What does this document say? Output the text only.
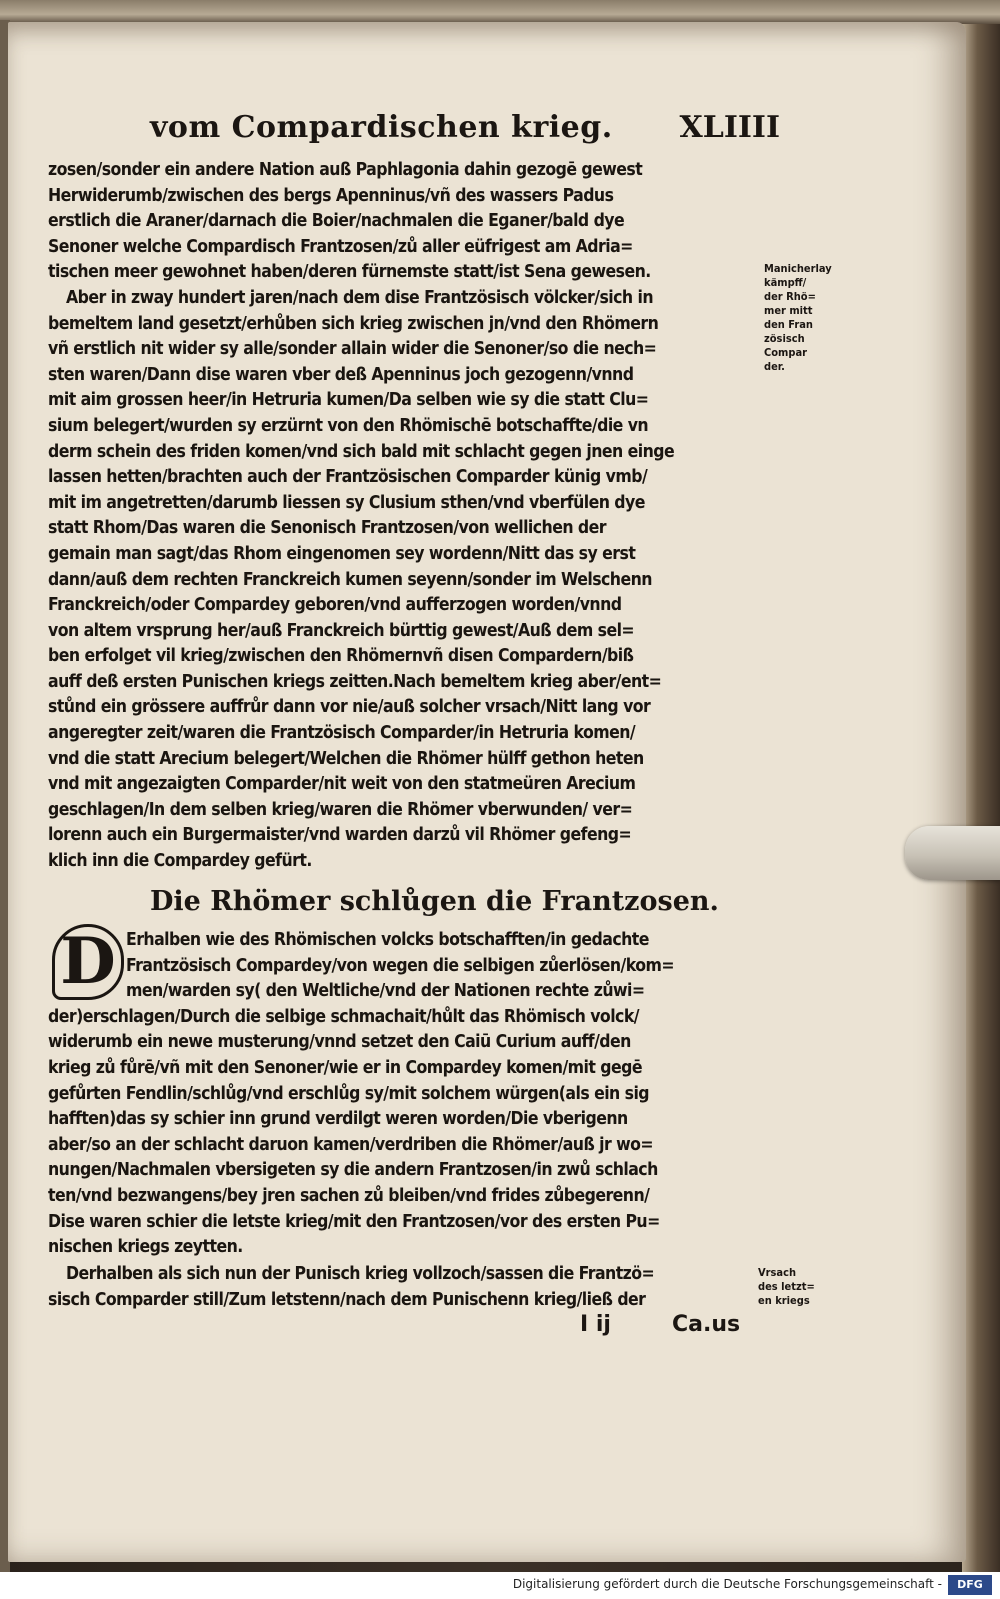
vom Compardischen krieg. XLIIII

zosen/sonder ein andere Nation auß Paphlagonia dahin gezogē gewest

Herwiderumb/zwischen des bergs Apenninus/vñ des wassers Padus

erstlich die Araner/darnach die Boier/nachmalen die Eganer/bald dye

Senoner welche Compardisch Frantzosen/zů aller eüfrigest am Adria=

tischen meer gewohnet haben/deren fürnemste statt/ist Sena gewesen.

Aber in zway hundert jaren/nach dem dise Frantzösisch völcker/sich in

bemeltem land gesetzt/erhůben sich krieg zwischen jn/vnd den Rhömern

vñ erstlich nit wider sy alle/sonder allain wider die Senoner/so die nech=

sten waren/Dann dise waren vber deß Apenninus joch gezogenn/vnnd

mit aim grossen heer/in Hetruria kumen/Da selben wie sy die statt Clu=

sium belegert/wurden sy erzürnt von den Rhömischē botschaffte/die vn

derm schein des friden komen/vnd sich bald mit schlacht gegen jnen einge

lassen hetten/brachten auch der Frantzösischen Comparder künig vmb/

mit im angetretten/darumb liessen sy Clusium sthen/vnd vberfülen dye

statt Rhom/Das waren die Senonisch Frantzosen/von wellichen der

gemain man sagt/das Rhom eingenomen sey wordenn/Nitt das sy erst

dann/auß dem rechten Franckreich kumen seyenn/sonder im Welschenn

Franckreich/oder Compardey geboren/vnd aufferzogen worden/vnnd

von altem vrsprung her/auß Franckreich bürttig gewest/Auß dem sel=

ben erfolget vil krieg/zwischen den Rhömernvñ disen Compardern/biß

auff deß ersten Punischen kriegs zeitten.Nach bemeltem krieg aber/ent=

stůnd ein grössere auffrůr dann vor nie/auß solcher vrsach/Nitt lang vor

angeregter zeit/waren die Frantzösisch Comparder/in Hetruria komen/

vnd die statt Arecium belegert/Welchen die Rhömer hülff gethon heten

vnd mit angezaigten Comparder/nit weit von den statmeüren Arecium

geschlagen/In dem selben krieg/waren die Rhömer vberwunden/ ver=

lorenn auch ein Burgermaister/vnd warden darzů vil Rhömer gefeng=

klich inn die Compardey gefürt.

Die Rhömer schlůgen die Frantzosen.
D Erhalben wie des Rhömischen volcks botschafften/in gedachte

Frantzösisch Compardey/von wegen die selbigen zůerlösen/kom=

men/warden sy( den Weltliche/vnd der Nationen rechte zůwi=

der)erschlagen/Durch die selbige schmachait/hůlt das Rhömisch volck/

widerumb ein newe musterung/vnnd setzet den Caiū Curium auff/den

krieg zů fůrē/vñ mit den Senoner/wie er in Compardey komen/mit gegē

gefůrten Fendlin/schlůg/vnd erschlůg sy/mit solchem würgen(als ein sig

hafften)das sy schier inn grund verdilgt weren worden/Die vberigenn

aber/so an der schlacht daruon kamen/verdriben die Rhömer/auß jr wo=

nungen/Nachmalen vbersigeten sy die andern Frantzosen/in zwů schlach

ten/vnd bezwangens/bey jren sachen zů bleiben/vnd frides zůbegerenn/

Dise waren schier die letste krieg/mit den Frantzosen/vor des ersten Pu=

nischen kriegs zeytten.

Derhalben als sich nun der Punisch krieg vollzoch/sassen die Frantzö=

sisch Comparder still/Zum letstenn/nach dem Punischenn krieg/ließ der

Manicherlay
kämpff/
der Rhö=
mer mitt
den Fran
zösisch
Compar
der.
Vrsach
des letzt=
en kriegs
I ij	Ca.us
Digitalisierung gefördert durch die Deutsche Forschungsgemeinschaft -	DFG
